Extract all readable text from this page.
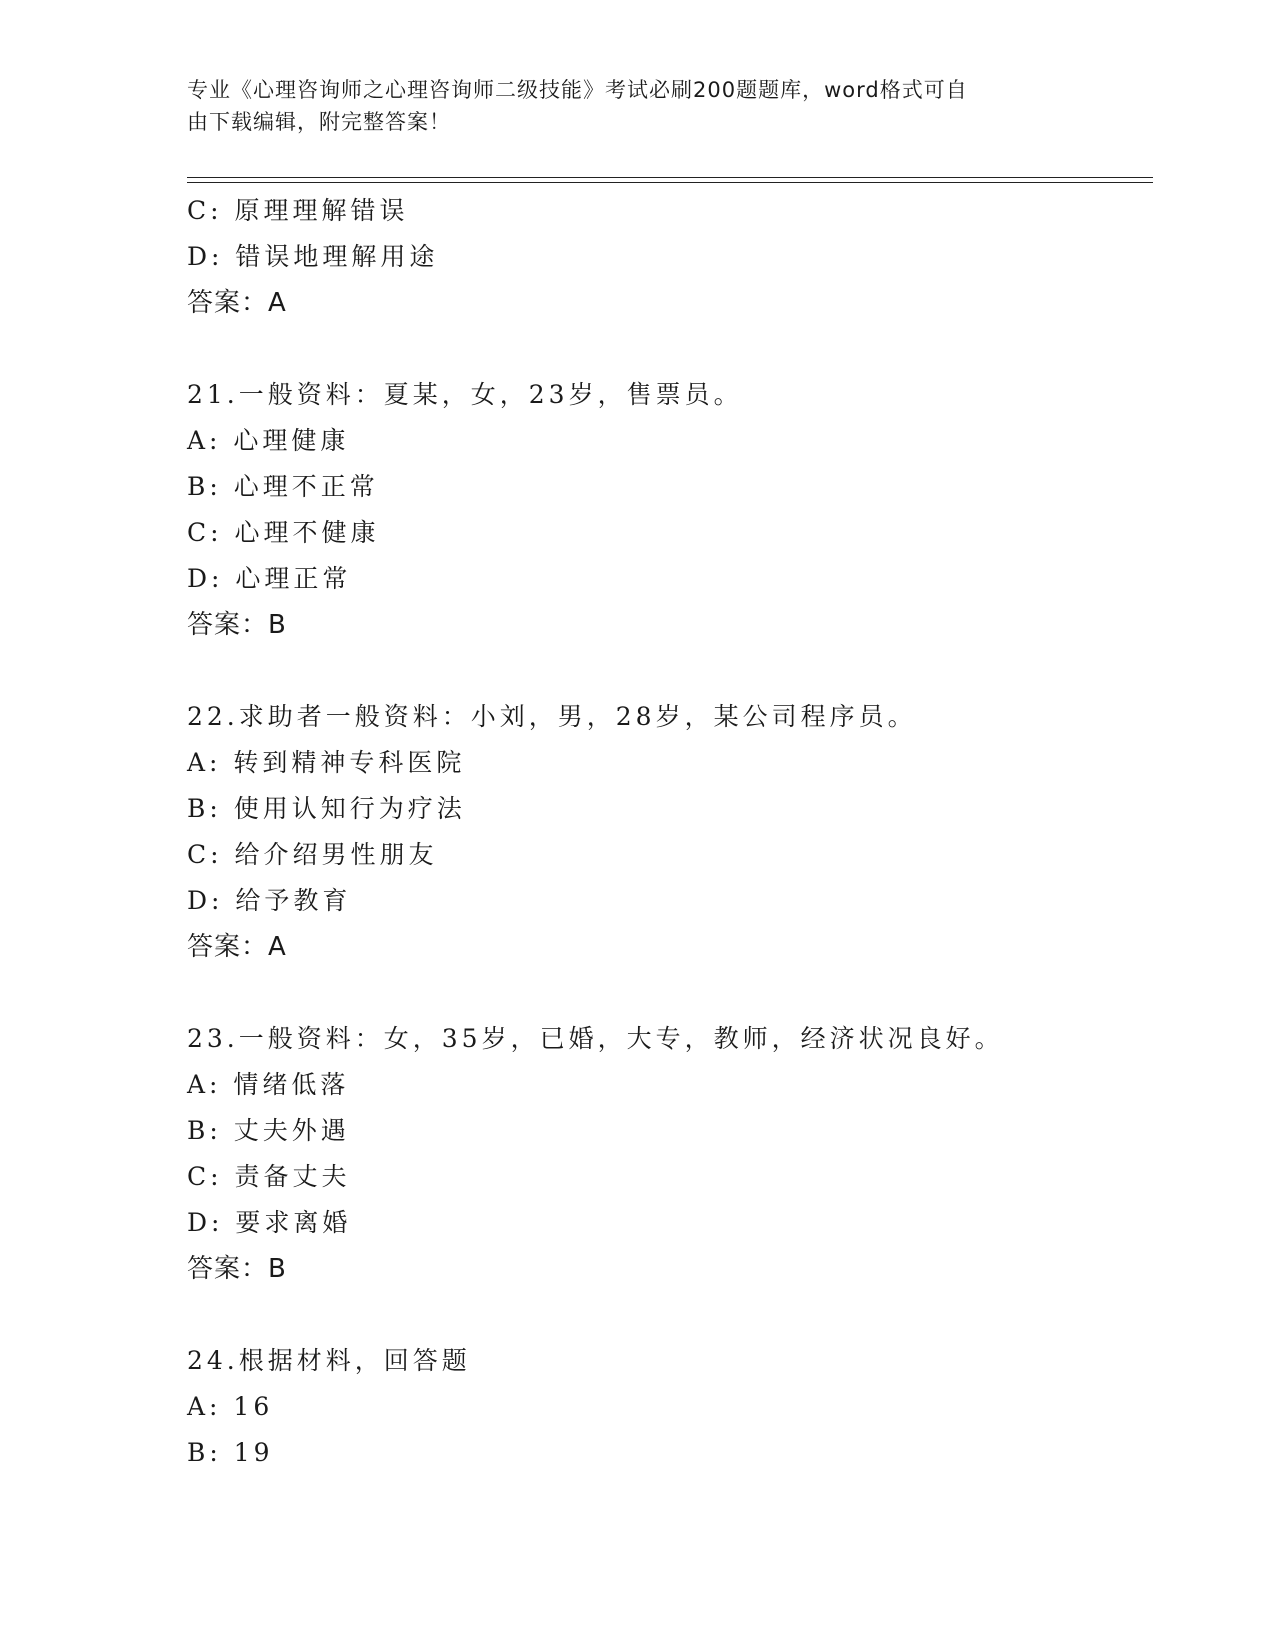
专业《心理咨询师之心理咨询师二级技能》考试必刷200题题库，word格式可自
由下载编辑，附完整答案！
C: 原理理解错误
D: 错误地理解用途
答案：A
21.一般资料：夏某，女，23岁，售票员。
A: 心理健康
B: 心理不正常
C: 心理不健康
D: 心理正常
答案：B
22.求助者一般资料：小刘，男，28岁，某公司程序员。
A: 转到精神专科医院
B: 使用认知行为疗法
C: 给介绍男性朋友
D: 给予教育
答案：A
23.一般资料：女，35岁，已婚，大专，教师，经济状况良好。
A: 情绪低落
B: 丈夫外遇
C: 责备丈夫
D: 要求离婚
答案：B
24.根据材料，回答题
A: 16
B: 19
